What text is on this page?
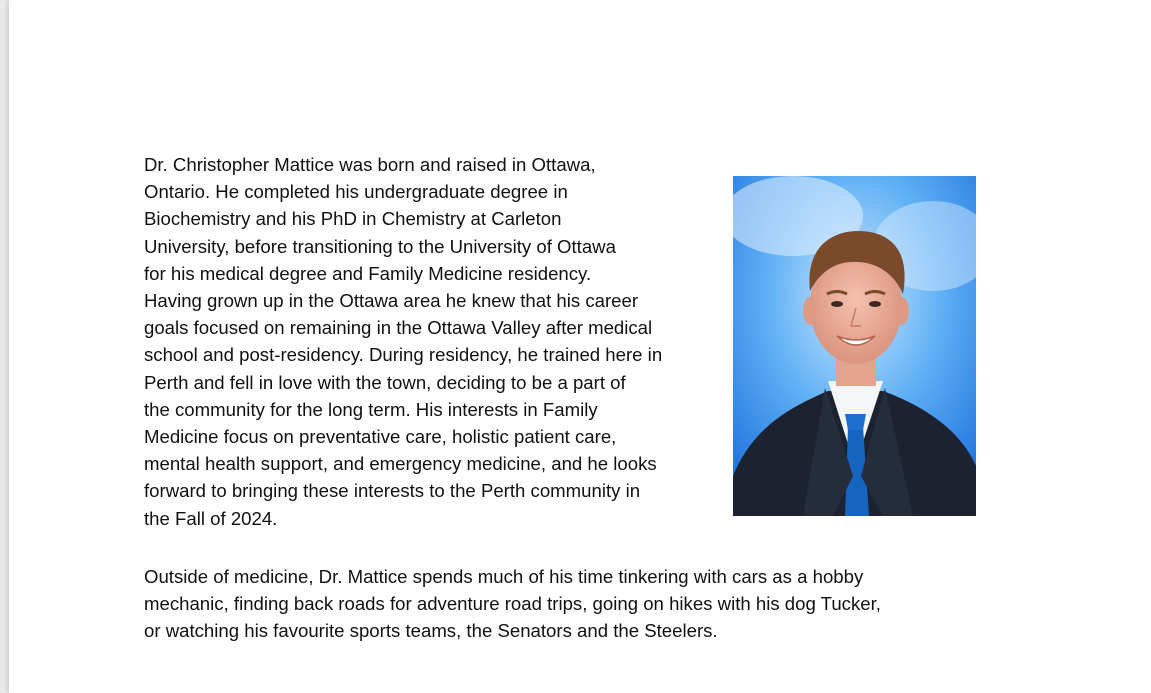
Dr. Christopher Mattice was born and raised in Ottawa,
Ontario. He completed his undergraduate degree in
Biochemistry and his PhD in Chemistry at Carleton
University, before transitioning to the University of Ottawa
for his medical degree and Family Medicine residency.
Having grown up in the Ottawa area he knew that his career
goals focused on remaining in the Ottawa Valley after medical
school and post-residency. During residency, he trained here in
Perth and fell in love with the town, deciding to be a part of
the community for the long term. His interests in Family
Medicine focus on preventative care, holistic patient care,
mental health support, and emergency medicine, and he looks
forward to bringing these interests to the Perth community in
the Fall of 2024.

Outside of medicine, Dr. Mattice spends much of his time tinkering with cars as a hobby
mechanic, finding back roads for adventure road trips, going on hikes with his dog Tucker,
or watching his favourite sports teams, the Senators and the Steelers.
